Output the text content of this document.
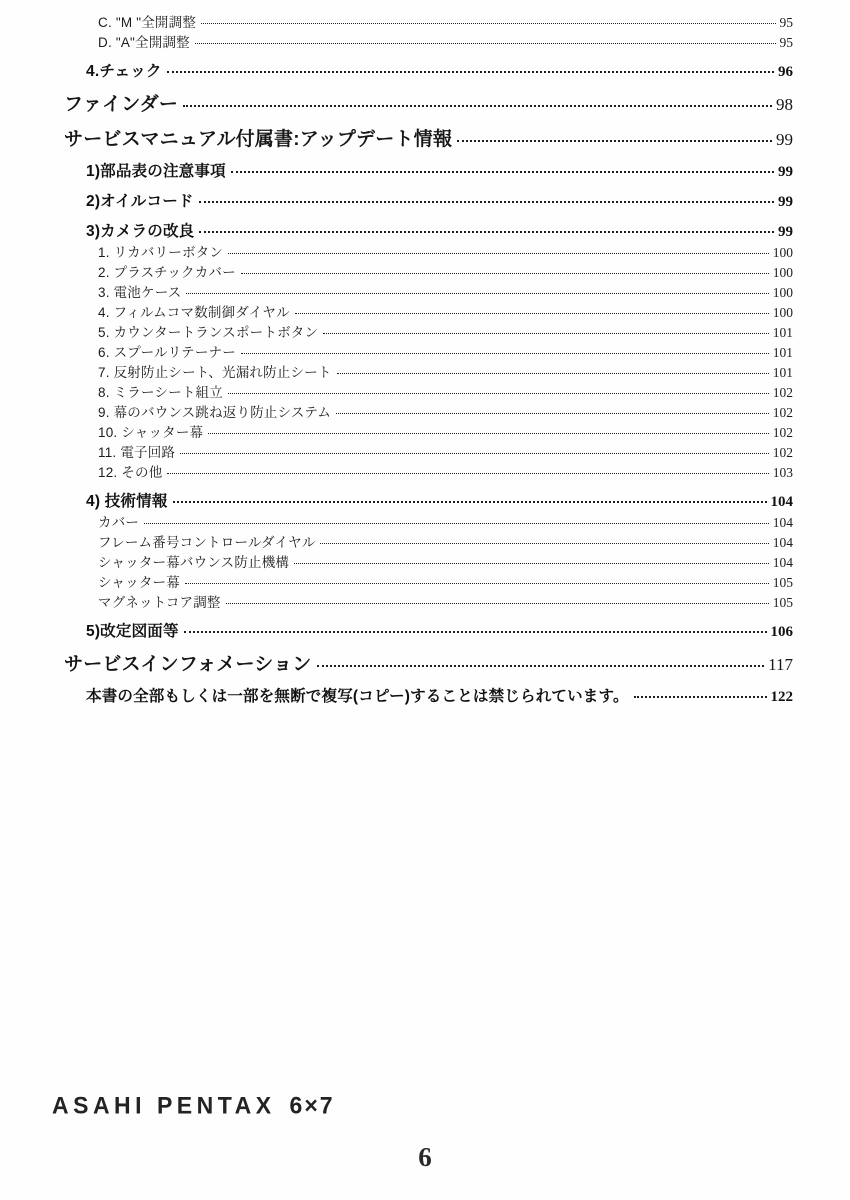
C. "M "全開調整	95
D. "A"全開調整	95
4.チェック	96
ファインダー	98
サービスマニュアル付属書:アップデート情報	99
1)部品表の注意事項	99
2)オイルコード	99
3)カメラの改良	99
1. リカバリーボタン	100
2. プラスチックカバー	100
3. 電池ケース	100
4. フィルムコマ数制御ダイヤル	100
5. カウンタートランスポートボタン	101
6. スプールリテーナー	101
7. 反射防止シート、光漏れ防止シート	101
8. ミラーシート組立	102
9. 幕のバウンス跳ね返り防止システム	102
10. シャッター幕	102
11. 電子回路	102
12. その他	103
4) 技術情報	104
カバー	104
フレーム番号コントロールダイヤル	104
シャッター幕バウンス防止機構	104
シャッター幕	105
マグネットコア調整	105
5)改定図面等	106
サービスインフォメーション	117
本書の全部もしくは一部を無断で複写(コピー)することは禁じられています。	122
ASAHI PENTAX 6×7
6
